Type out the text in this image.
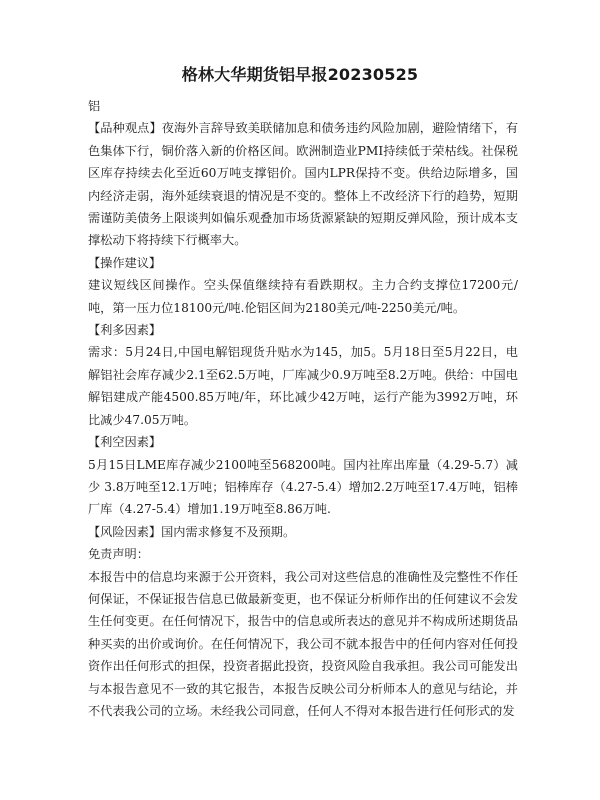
格林大华期货铝早报20230525

铝

【品种观点】夜海外言辞导致美联储加息和债务违约风险加剧，避险情绪下，有色集体下行，铜价落入新的价格区间。欧洲制造业PMI持续低于荣枯线。社保税区库存持续去化至近60万吨支撑铝价。国内LPR保持不变。供给边际增多，国内经济走弱，海外延续衰退的情况是不变的。整体上不改经济下行的趋势，短期需谨防美债务上限谈判如偏乐观叠加市场货源紧缺的短期反弹风险，预计成本支撑松动下将持续下行概率大。

【操作建议】

建议短线区间操作。空头保值继续持有看跌期权。主力合约支撑位17200元/吨，第一压力位18100元/吨.伦铝区间为2180美元/吨-2250美元/吨。

【利多因素】

需求：5月24日,中国电解铝现货升贴水为145，加5。5月18日至5月22日，电解铝社会库存减少2.1至62.5万吨，厂库减少0.9万吨至8.2万吨。供给：中国电解铝建成产能4500.85万吨/年，环比减少42万吨，运行产能为3992万吨，环比减少47.05万吨。

【利空因素】

5月15日LME库存减少2100吨至568200吨。国内社库出库量（4.29-5.7）减少 3.8万吨至12.1万吨；铝棒库存（4.27-5.4）增加2.2万吨至17.4万吨，铝棒厂库（4.27-5.4）增加1.19万吨至8.86万吨.

【风险因素】国内需求修复不及预期。

免责声明：

本报告中的信息均来源于公开资料，我公司对这些信息的准确性及完整性不作任何保证，不保证报告信息已做最新变更，也不保证分析师作出的任何建议不会发生任何变更。在任何情况下，报告中的信息或所表达的意见并不构成所述期货品种买卖的出价或询价。在任何情况下，我公司不就本报告中的任何内容对任何投资作出任何形式的担保，投资者据此投资，投资风险自我承担。我公司可能发出与本报告意见不一致的其它报告，本报告反映公司分析师本人的意见与结论，并不代表我公司的立场。未经我公司同意，任何人不得对本报告进行任何形式的发
